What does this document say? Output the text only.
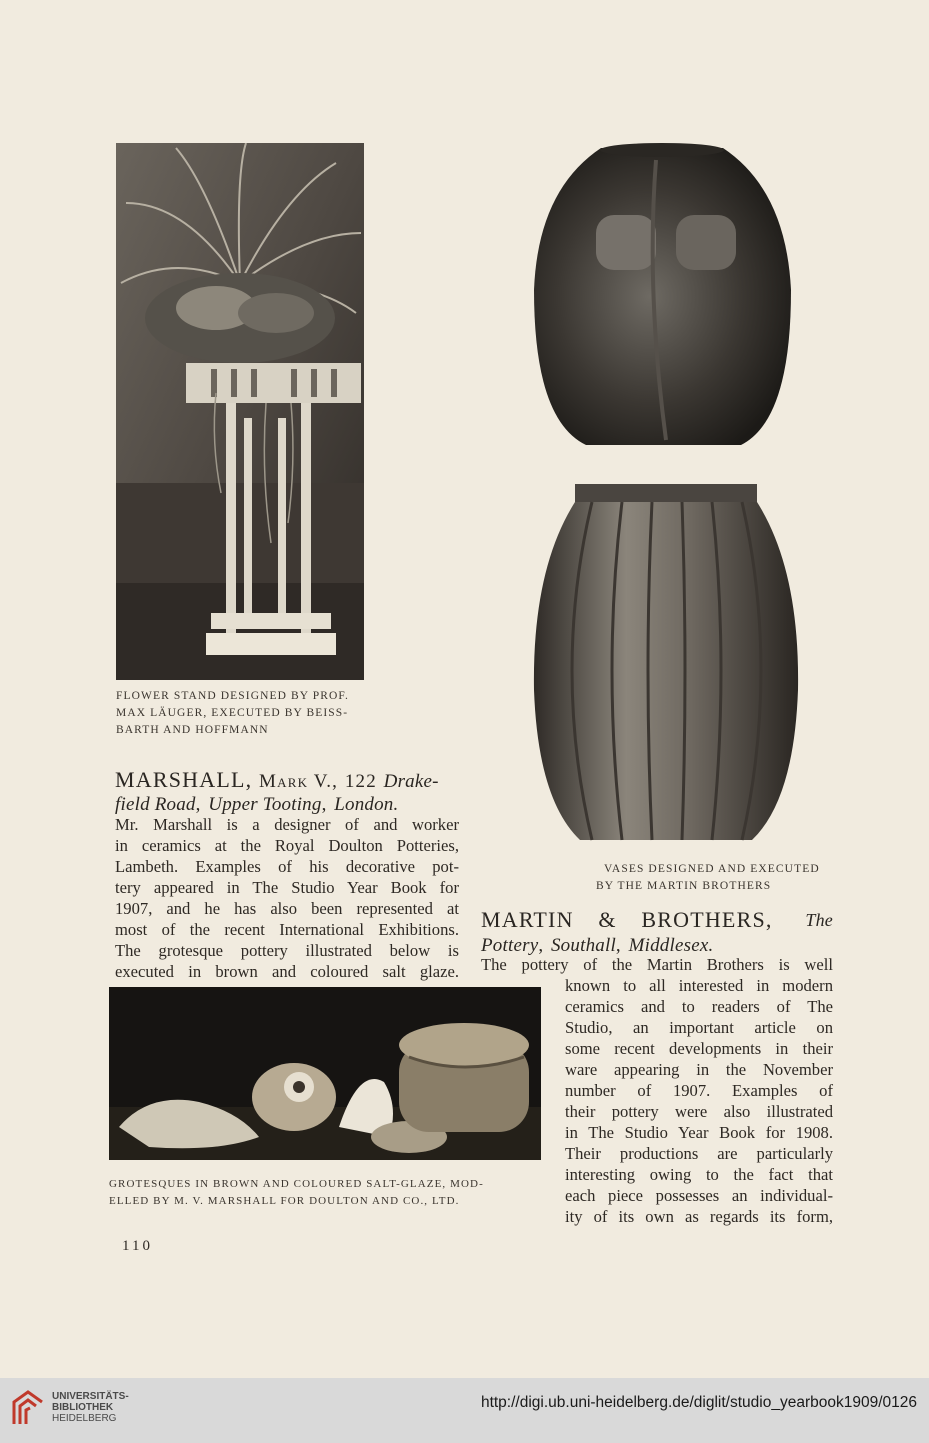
FLOWER STAND DESIGNED BY PROF.
MAX LÄUGER, EXECUTED BY BEISS-
BARTH AND HOFFMANN
VASES DESIGNED AND EXECUTED
BY THE MARTIN BROTHERS
MARSHALL, Mark V., 122 Drake-
field Road, Upper Tooting, London.
Mr. Marshall is a designer of and worker
in ceramics at the Royal Doulton Potteries,
Lambeth. Examples of his decorative pot-
tery appeared in The Studio Year Book for
1907, and he has also been represented at
most of the recent International Exhibitions.
The grotesque pottery illustrated below is
executed in brown and coloured salt glaze.
GROTESQUES IN BROWN AND COLOURED SALT-GLAZE, MOD-
ELLED BY M. V. MARSHALL FOR DOULTON AND CO., LTD.
MARTIN & BROTHERS, The
Pottery, Southall, Middlesex.
The pottery of the Martin Brothers is well
known to all interested in modern
ceramics and to readers of The
Studio, an important article on
some recent developments in their
ware appearing in the November
number of 1907. Examples of
their pottery were also illustrated
in The Studio Year Book for 1908.
Their productions are particularly
interesting owing to the fact that
each piece possesses an individual-
ity of its own as regards its form,
110
UNIVERSITÄTS-
BIBLIOTHEK
HEIDELBERG
http://digi.ub.uni-heidelberg.de/diglit/studio_yearbook1909/0126
